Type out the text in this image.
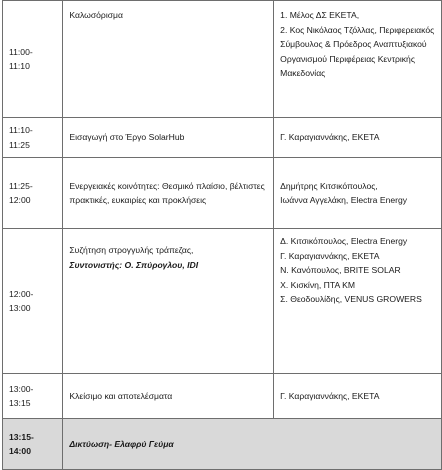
11:00-
11:10	Καλωσόρισμα	1. Μέλος ΔΣ ΕΚΕΤΑ,
2. Κος Νικόλαος Τζόλλας, Περιφερειακός Σύμβουλος & Πρόεδρος Αναπτυξιακού Οργανισμού Περιφέρειας Κεντρικής Μακεδονίας

11:10-
11:25	Εισαγωγή στο Έργο SolarHub	Γ. Καραγιαννάκης, ΕΚΕΤΑ

11:25-
12:00	Ενεργειακές κοινότητες: Θεσμικό πλαίσιο, βέλτιστες πρακτικές, ευκαιρίες και προκλήσεις	Δημήτρης Κιτσικόπουλος,
Ιωάννα Αγγελάκη, Electra Energy

12:00-
13:00	Συζήτηση στρογγυλής τράπεζας,
Συντονιστής: Ο. Σπύρογλου, IDI	Δ. Κιτσικόπουλος, Electra Energy
Γ. Καραγιαννάκης, ΕΚΕΤΑ
Ν. Κανόπουλος, BRITE SOLAR
Χ. Κισκίνη, ΠΤΑ ΚΜ
Σ. Θεοδουλίδης, VENUS GROWERS

13:00-
13:15	Κλείσιμο και αποτελέσματα	Γ. Καραγιαννάκης, ΕΚΕΤΑ

13:15-
14:00	Δικτύωση- Ελαφρύ Γεύμα	
